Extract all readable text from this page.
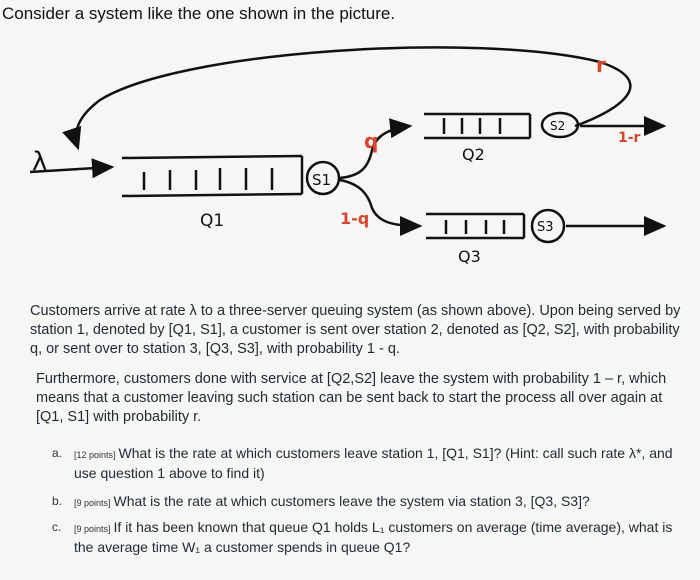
Consider a system like the one shown in the picture.
λ
Q1
S1
q
1-q
Q2
S2
r
1-r
Q3
S3
Customers arrive at rate λ to a three-server queuing system (as shown above). Upon being served by station 1, denoted by [Q1, S1], a customer is sent over station 2, denoted as [Q2, S2], with probability q, or sent over to station 3, [Q3, S3], with probability 1 - q.
Furthermore, customers done with service at [Q2,S2] leave the system with probability 1 – r, which means that a customer leaving such station can be sent back to start the process all over again at [Q1, S1] with probability r.
a. [12 points] What is the rate at which customers leave station 1, [Q1, S1]? (Hint: call such rate λ*, and use question 1 above to find it)
b. [9 points] What is the rate at which customers leave the system via station 3, [Q3, S3]?
c. [9 points] If it has been known that queue Q1 holds L₁ customers on average (time average), what is the average time W₁ a customer spends in queue Q1?
